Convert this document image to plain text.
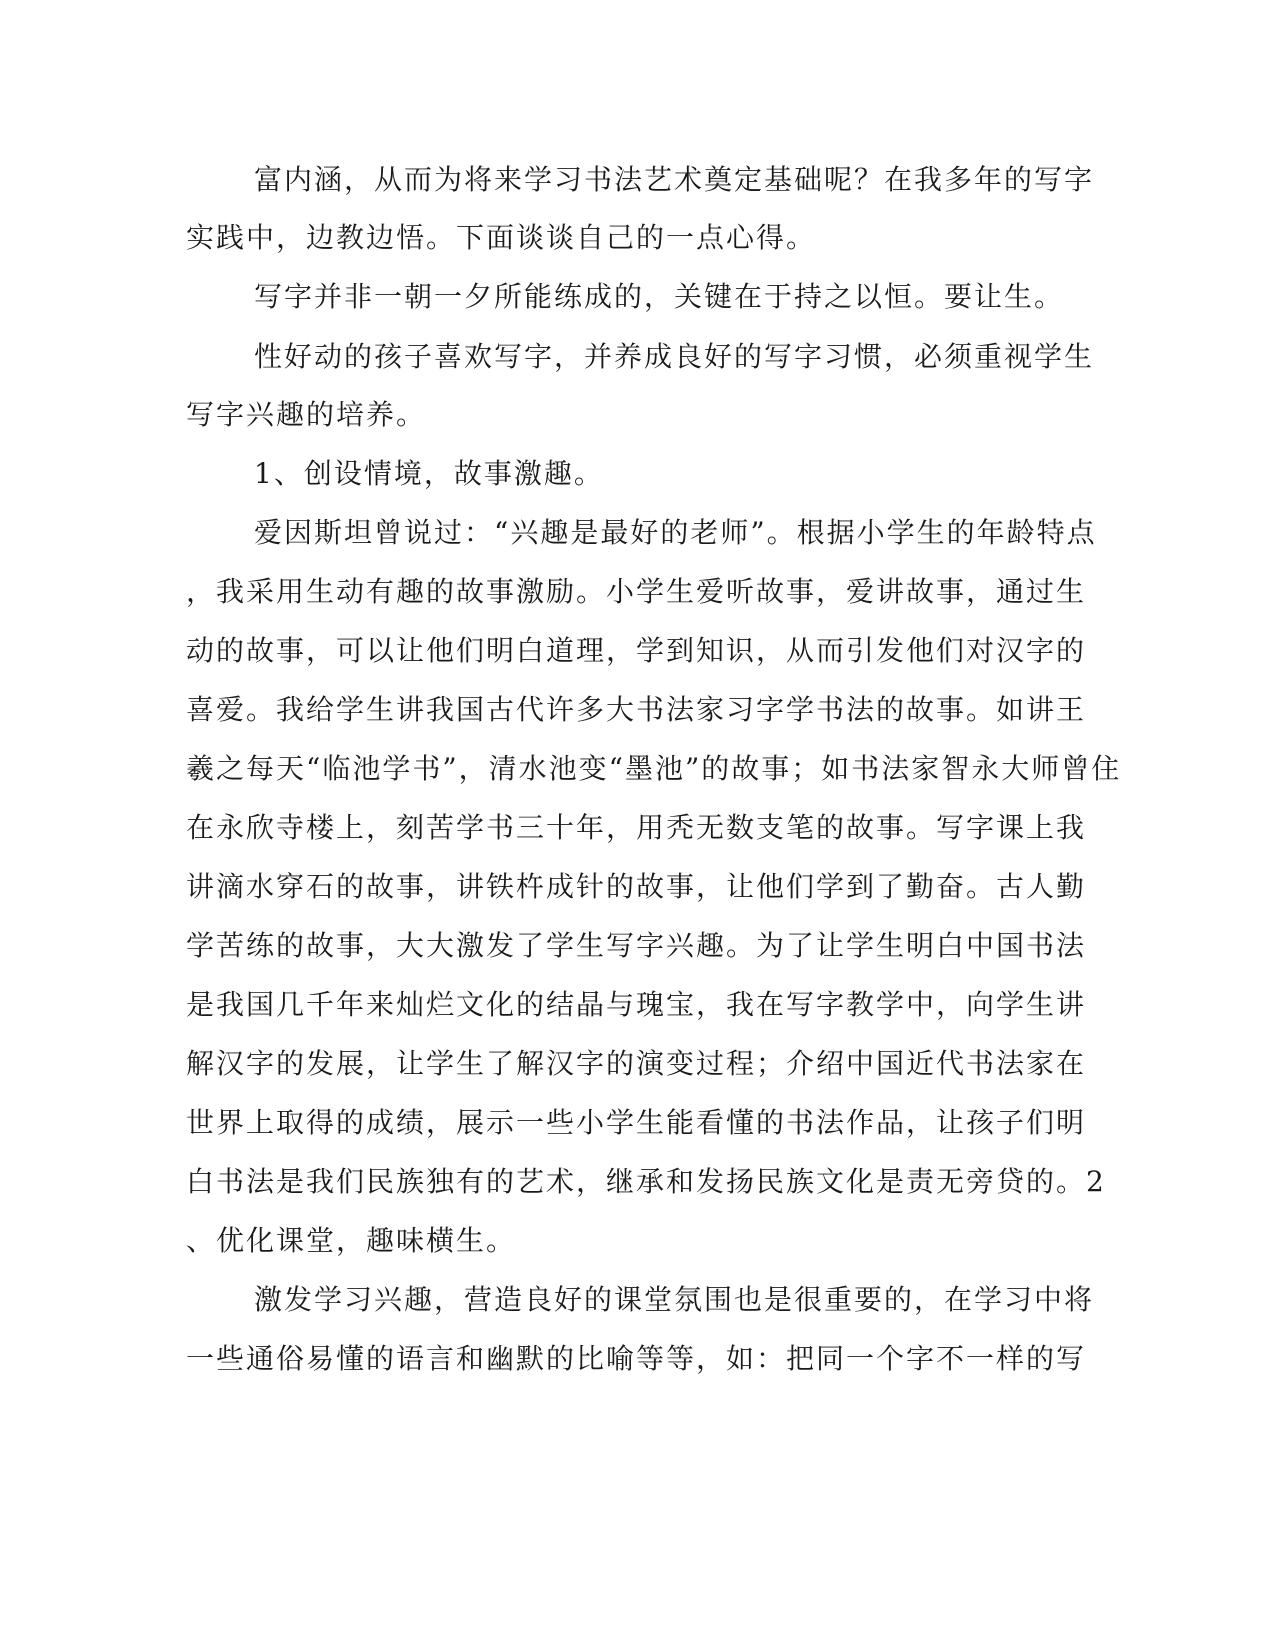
富内涵，从而为将来学习书法艺术奠定基础呢？在我多年的写字
实践中，边教边悟。下面谈谈自己的一点心得。
写字并非一朝一夕所能练成的，关键在于持之以恒。要让生。
性好动的孩子喜欢写字，并养成良好的写字习惯，必须重视学生
写字兴趣的培养。
1、创设情境，故事激趣。
爱因斯坦曾说过：“兴趣是最好的老师”。根据小学生的年龄特点
，我采用生动有趣的故事激励。小学生爱听故事，爱讲故事，通过生
动的故事，可以让他们明白道理，学到知识，从而引发他们对汉字的
喜爱。我给学生讲我国古代许多大书法家习字学书法的故事。如讲王
羲之每天“临池学书”，清水池变“墨池”的故事；如书法家智永大师曾住
在永欣寺楼上，刻苦学书三十年，用秃无数支笔的故事。写字课上我
讲滴水穿石的故事，讲铁杵成针的故事，让他们学到了勤奋。古人勤
学苦练的故事，大大激发了学生写字兴趣。为了让学生明白中国书法
是我国几千年来灿烂文化的结晶与瑰宝，我在写字教学中，向学生讲
解汉字的发展，让学生了解汉字的演变过程；介绍中国近代书法家在
世界上取得的成绩，展示一些小学生能看懂的书法作品，让孩子们明
白书法是我们民族独有的艺术，继承和发扬民族文化是责无旁贷的。2
、优化课堂，趣味横生。
激发学习兴趣，营造良好的课堂氛围也是很重要的，在学习中将
一些通俗易懂的语言和幽默的比喻等等，如：把同一个字不一样的写
